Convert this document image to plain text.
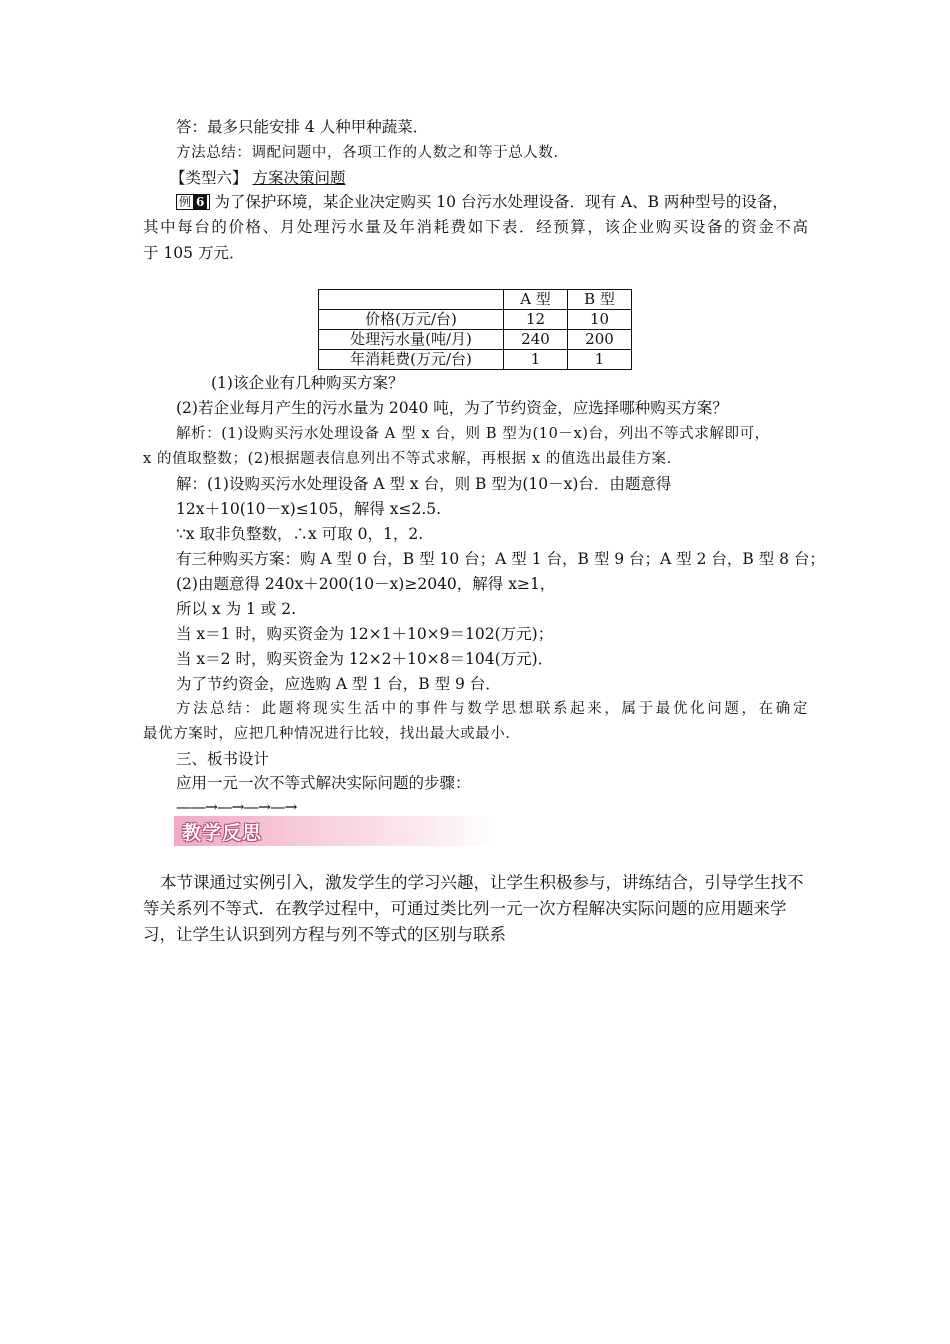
答：最多只能安排 4 人种甲种蔬菜．
方法总结：调配问题中，各项工作的人数之和等于总人数．
【类型六】 方案决策问题
例 6 为了保护环境，某企业决定购买 10 台污水处理设备．现有 A、B 两种型号的设备，
其中每台的价格、月处理污水量及年消耗费如下表．经预算，该企业购买设备的资金不高
于 105 万元．
	A 型	B 型
价格(万元/台)	12	10
处理污水量(吨/月)	240	200
年消耗费(万元/台)	1	1
(1)该企业有几种购买方案？
(2)若企业每月产生的污水量为 2040 吨，为了节约资金，应选择哪种购买方案？
解析：(1)设购买污水处理设备 A 型 x 台，则 B 型为(10－x)台，列出不等式求解即可，
x 的值取整数；(2)根据题表信息列出不等式求解，再根据 x 的值选出最佳方案．
解：(1)设购买污水处理设备 A 型 x 台，则 B 型为(10－x)台．由题意得
12x＋10(10－x)≤105，解得 x≤2.5.
∵x 取非负整数，∴x 可取 0，1，2.
有三种购买方案：购 A 型 0 台，B 型 10 台；A 型 1 台，B 型 9 台；A 型 2 台，B 型 8 台；
(2)由题意得 240x＋200(10－x)≥2040，解得 x≥1，
所以 x 为 1 或 2.
当 x＝1 时，购买资金为 12×1＋10×9＝102(万元)；
当 x＝2 时，购买资金为 12×2＋10×8＝104(万元)．
为了节约资金，应选购 A 型 1 台，B 型 9 台．
方法总结：此题将现实生活中的事件与数学思想联系起来，属于最优化问题，在确定
最优方案时，应把几种情况进行比较，找出最大或最小．
三、板书设计
应用一元一次不等式解决实际问题的步骤：
——→—→—→—→
教学反思
本节课通过实例引入，激发学生的学习兴趣，让学生积极参与，讲练结合，引导学生找不等关系列不等式．在教学过程中，可通过类比列一元一次方程解决实际问题的应用题来学习，让学生认识到列方程与列不等式的区别与联系
